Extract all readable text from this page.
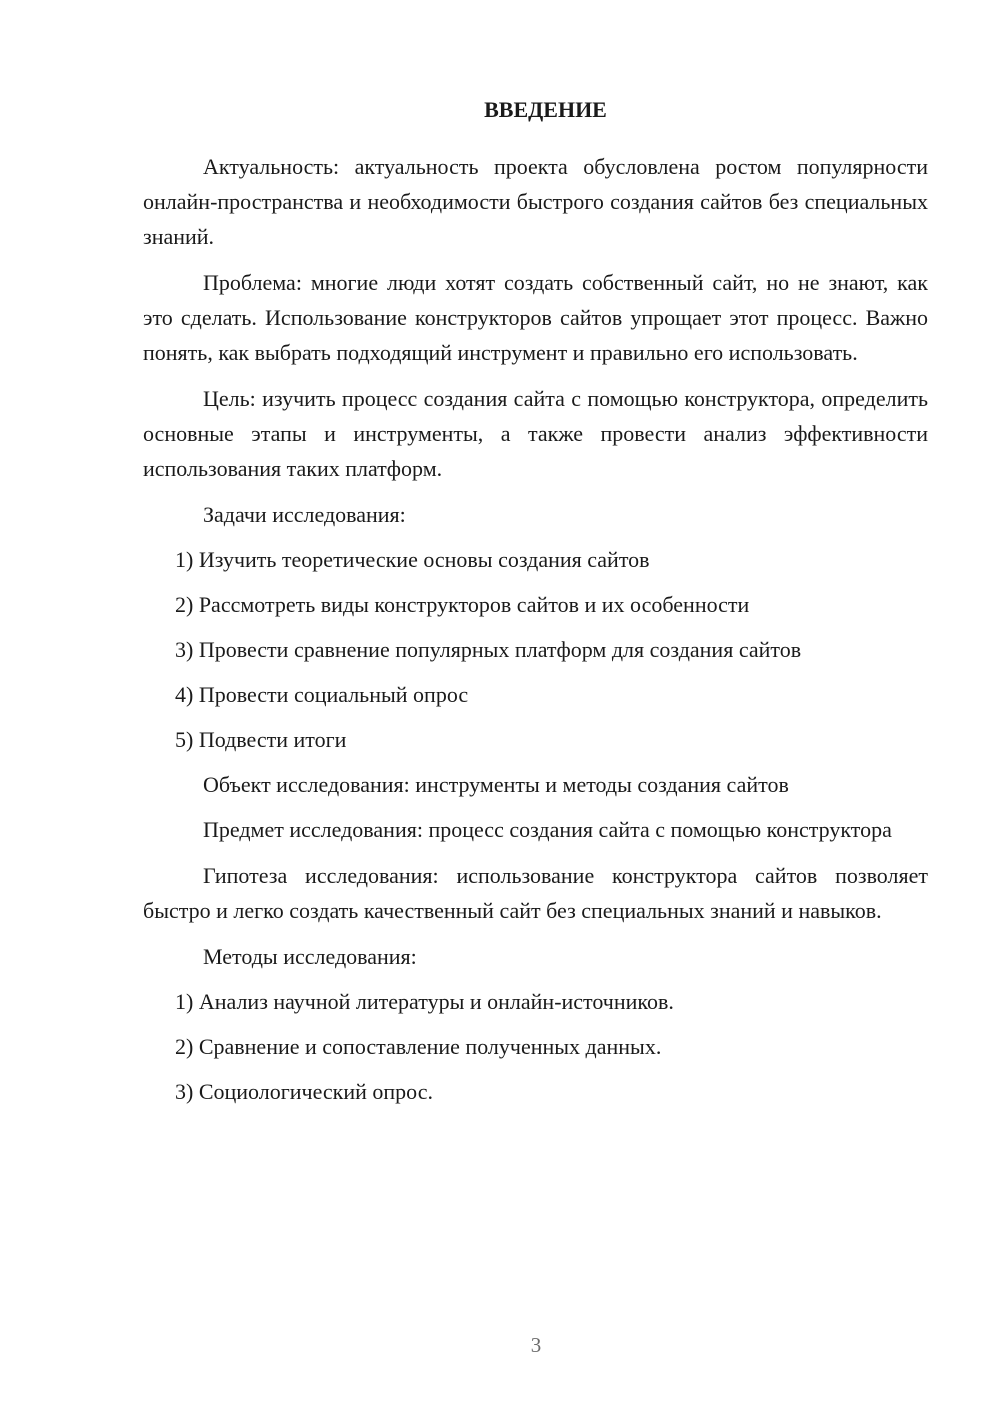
ВВЕДЕНИЕ

Актуальность: актуальность проекта обусловлена ростом популярности онлайн-пространства и необходимости быстрого создания сайтов без специальных знаний.

Проблема: многие люди хотят создать собственный сайт, но не знают, как это сделать. Использование конструкторов сайтов упрощает этот процесс. Важно понять, как выбрать подходящий инструмент и правильно его использовать.

Цель: изучить процесс создания сайта с помощью конструктора, определить основные этапы и инструменты, а также провести анализ эффективности использования таких платформ.

Задачи исследования:
1) Изучить теоретические основы создания сайтов
2) Рассмотреть виды конструкторов сайтов и их особенности
3) Провести сравнение популярных платформ для создания сайтов
4) Провести социальный опрос
5) Подвести итоги
Объект исследования: инструменты и методы создания сайтов

Предмет исследования: процесс создания сайта с помощью конструктора

Гипотеза исследования: использование конструктора сайтов позволяет быстро и легко создать качественный сайт без специальных знаний и навыков.

Методы исследования:
1) Анализ научной литературы и онлайн-источников.
2) Сравнение и сопоставление полученных данных.
3) Социологический опрос.
3
